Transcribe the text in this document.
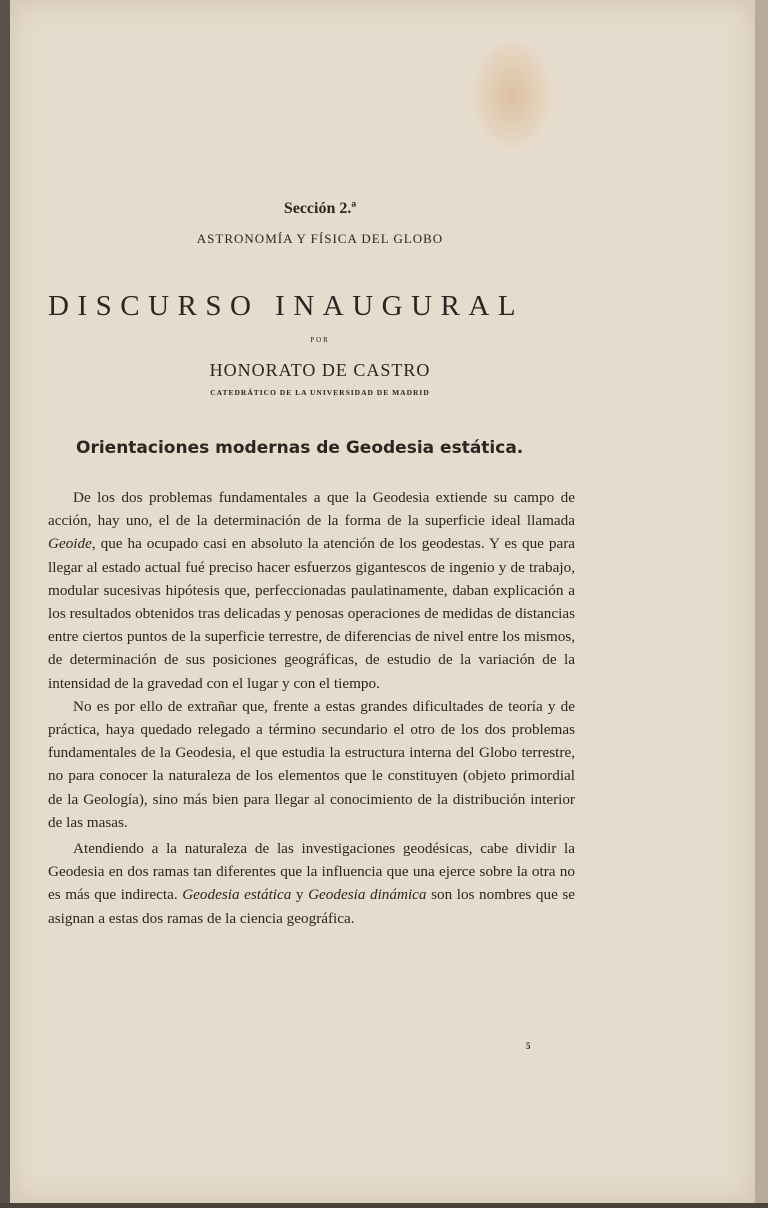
Sección 2.ª
ASTRONOMÍA Y FÍSICA DEL GLOBO
DISCURSO INAUGURAL
POR
HONORATO DE CASTRO
CATEDRÁTICO DE LA UNIVERSIDAD DE MADRID
Orientaciones modernas de Geodesia estática.

De los dos problemas fundamentales a que la Geodesia extiende su campo de acción, hay uno, el de la determinación de la forma de la superficie ideal llamada Geoide, que ha ocupado casi en absoluto la atención de los geodestas. Y es que para llegar al estado actual fué preciso hacer esfuerzos gigantescos de ingenio y de trabajo, modular sucesivas hipótesis que, perfeccionadas paulatinamente, daban explicación a los resultados obtenidos tras delicadas y penosas operaciones de medidas de distancias entre ciertos puntos de la superficie terrestre, de diferencias de nivel entre los mismos, de determinación de sus posiciones geográficas, de estudio de la variación de la intensidad de la gravedad con el lugar y con el tiempo.

No es por ello de extrañar que, frente a estas grandes dificultades de teoría y de práctica, haya quedado relegado a término secundario el otro de los dos problemas fundamentales de la Geodesia, el que estudia la estructura interna del Globo terrestre, no para conocer la naturaleza de los elementos que le constituyen (objeto primordial de la Geología), sino más bien para llegar al conocimiento de la distribución interior de las masas.

Atendiendo a la naturaleza de las investigaciones geodésicas, cabe dividir la Geodesia en dos ramas tan diferentes que la influencia que una ejerce sobre la otra no es más que indirecta. Geodesia estática y Geodesia dinámica son los nombres que se asignan a estas dos ramas de la ciencia geográfica.

5
